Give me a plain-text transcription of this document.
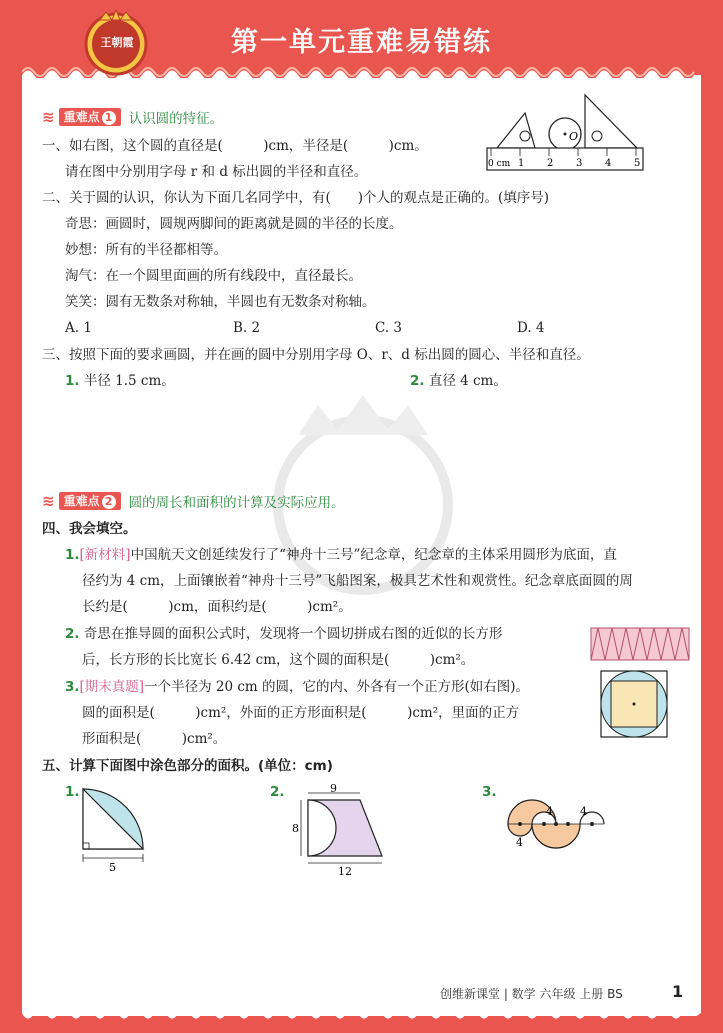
王朝霞	第一单元重难易错练
≋ 重难点 1	认识圆的特征。
一、如右图，这个圆的直径是(　　　)cm，半径是(　　　)cm。
请在图中分别用字母 r 和 d 标出圆的半径和直径。	0 cm 1 2 3 4 5
O
二、关于圆的认识，你认为下面几名同学中，有(　　)个人的观点是正确的。(填序号)
奇思：画圆时，圆规两脚间的距离就是圆的半径的长度。
妙想：所有的半径都相等。
淘气：在一个圆里面画的所有线段中，直径最长。
笑笑：圆有无数条对称轴，半圆也有无数条对称轴。
A. 1	B. 2	C. 3	D. 4
三、按照下面的要求画圆，并在画的圆中分别用字母 O、r、d 标出圆的圆心、半径和直径。
1. 半径 1.5 cm。	2. 直径 4 cm。
≋ 重难点 2	圆的周长和面积的计算及实际应用。
四、我会填空。
1.[新材料]中国航天文创延续发行了“神舟十三号”纪念章，纪念章的主体采用圆形为底面，直
径约为 4 cm，上面镶嵌着“神舟十三号”飞船图案，极具艺术性和观赏性。纪念章底面圆的周
长约是(　　　)cm，面积约是(　　　)cm²。
2. 奇思在推导圆的面积公式时，发现将一个圆切拼成右图的近似的长方形
后，长方形的长比宽长 6.42 cm，这个圆的面积是(　　　)cm²。
3.[期末真题]一个半径为 20 cm 的圆，它的内、外各有一个正方形(如右图)。
圆的面积是(　　　)cm²，外面的正方形面积是(　　　)cm²，里面的正方
形面积是(　　　)cm²。
五、计算下面图中涂色部分的面积。(单位：cm)
1.
5
2.	9
8
12
3.
4 4
4
创维新课堂 | 数学 六年级 上册 BS	1
